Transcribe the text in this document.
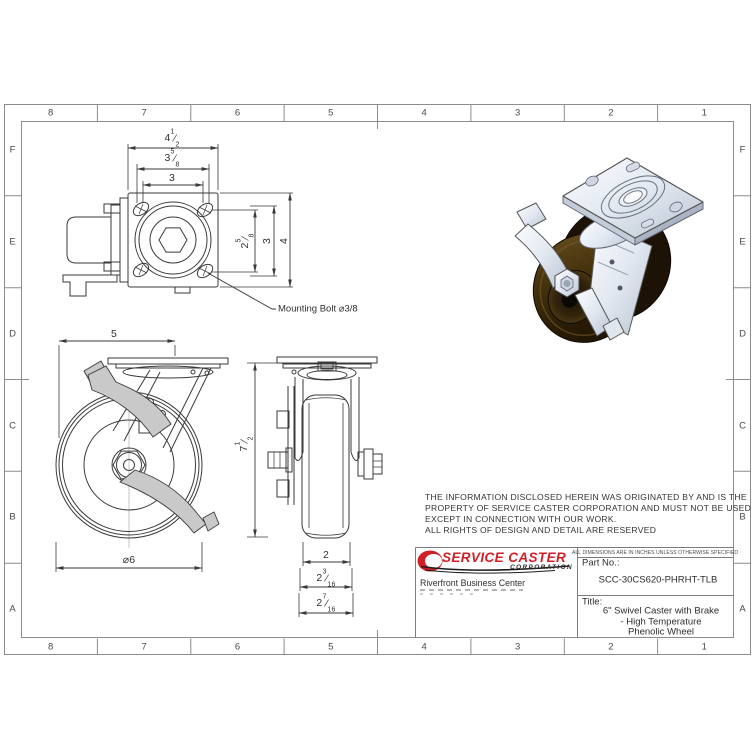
8	7	6	5	4	3	2	1
8	7	6	5	4	3	2	1
F
E
D
C
B
A
F
E
D
C
B
A
$4^1⁄$ $_2$
$3^5⁄$ $_8$
3
$2^5⁄$ $_8$
3 4
Mounting Bolt ⌀3/8
5
$7^1⁄$ $_2$
⌀6	2
$2^3⁄$ $_{16}$
$2^7⁄$ $_{16}$
THE INFORMATION DISCLOSED HEREIN WAS ORIGINATED BY AND IS THE
PROPERTY OF SERVICE CASTER CORPORATION AND MUST NOT BE USED
EXCEPT IN CONNECTION WITH OUR WORK.
ALL RIGHTS OF DESIGN AND DETAIL ARE RESERVED
ALL DIMENSIONS ARE IN INCHES UNLESS OTHERWISE SPECIFIED
SERVICE CASTER
CORPORATION
Riverfront Business Center
Part No.:
SCC-30CS620-PHRHT-TLB
Title:
6" Swivel Caster with Brake
- High Temperature
Phenolic Wheel
